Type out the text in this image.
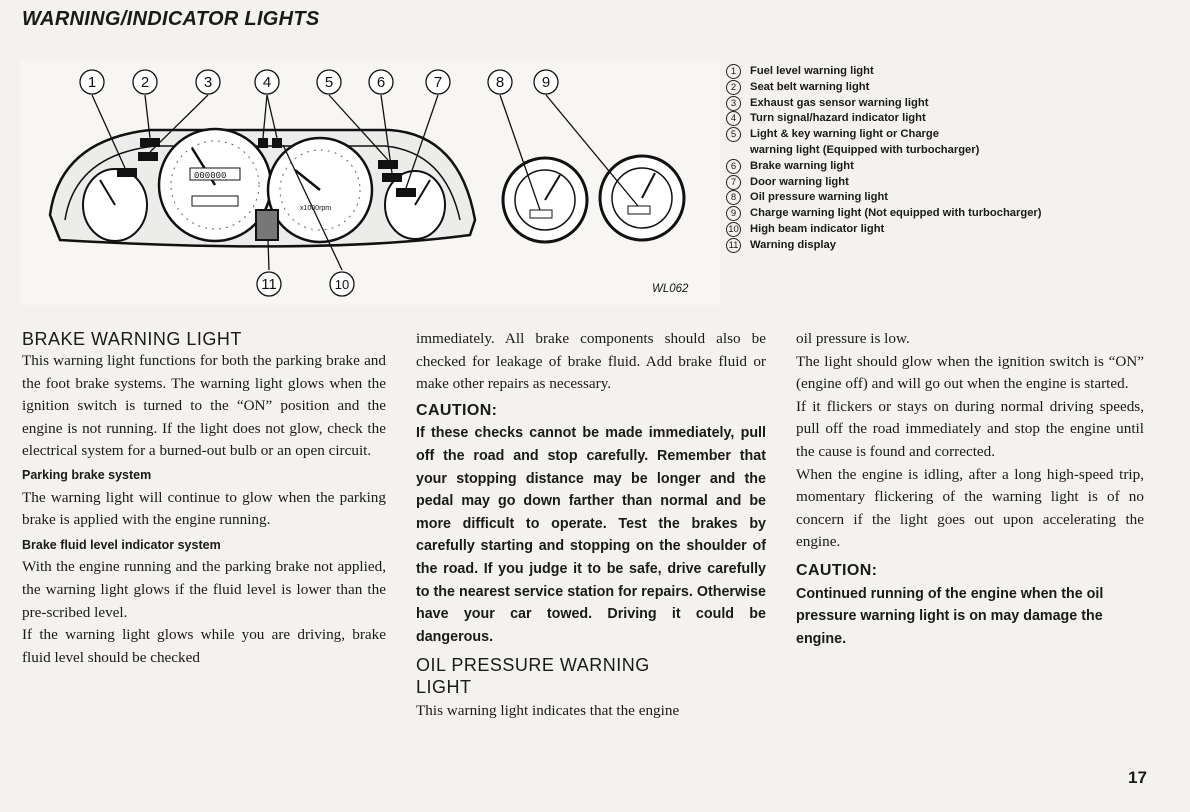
WARNING/INDICATOR LIGHTS
000000
x1000rpm
1	2	3	4	5	6	7	8	9
11	10	WL062
1	Fuel level warning light
2	Seat belt warning light
3	Exhaust gas sensor warning light
4	Turn signal/hazard indicator light
5	Light & key warning light or Charge
warning light (Equipped with turbocharger)
6	Brake warning light
7	Door warning light
8	Oil pressure warning light
9	Charge warning light (Not equipped with turbocharger)
10	High beam indicator light
11	Warning display
BRAKE WARNING LIGHT

This warning light functions for both the parking brake and the foot brake systems. The warning light glows when the ignition switch is turned to the “ON” position and the engine is not running. If the light does not glow, check the electrical system for a burned-out bulb or an open circuit.

Parking brake system

The warning light will continue to glow when the parking brake is applied with the engine running.

Brake fluid level indicator system

With the engine running and the parking brake not applied, the warning light glows if the fluid level is lower than the pre-scribed level.

If the warning light glows while you are driving, brake fluid level should be checked

immediately. All brake components should also be checked for leakage of brake fluid. Add brake fluid or make other repairs as necessary.

CAUTION:

If these checks cannot be made immediately, pull off the road and stop carefully. Remember that your stopping distance may be longer and the pedal may go down farther than normal and be more difficult to operate. Test the brakes by carefully starting and stopping on the shoulder of the road. If you judge it to be safe, drive carefully to the nearest service station for repairs. Otherwise have your car towed. Driving it could be dangerous.

OIL PRESSURE WARNING LIGHT

This warning light indicates that the engine

oil pressure is low.

The light should glow when the ignition switch is “ON” (engine off) and will go out when the engine is started.

If it flickers or stays on during normal driving speeds, pull off the road immediately and stop the engine until the cause is found and corrected.

When the engine is idling, after a long high-speed trip, momentary flickering of the warning light is of no concern if the light goes out upon accelerating the engine.

CAUTION:

Continued running of the engine when the oil pressure warning light is on may damage the engine.

17
